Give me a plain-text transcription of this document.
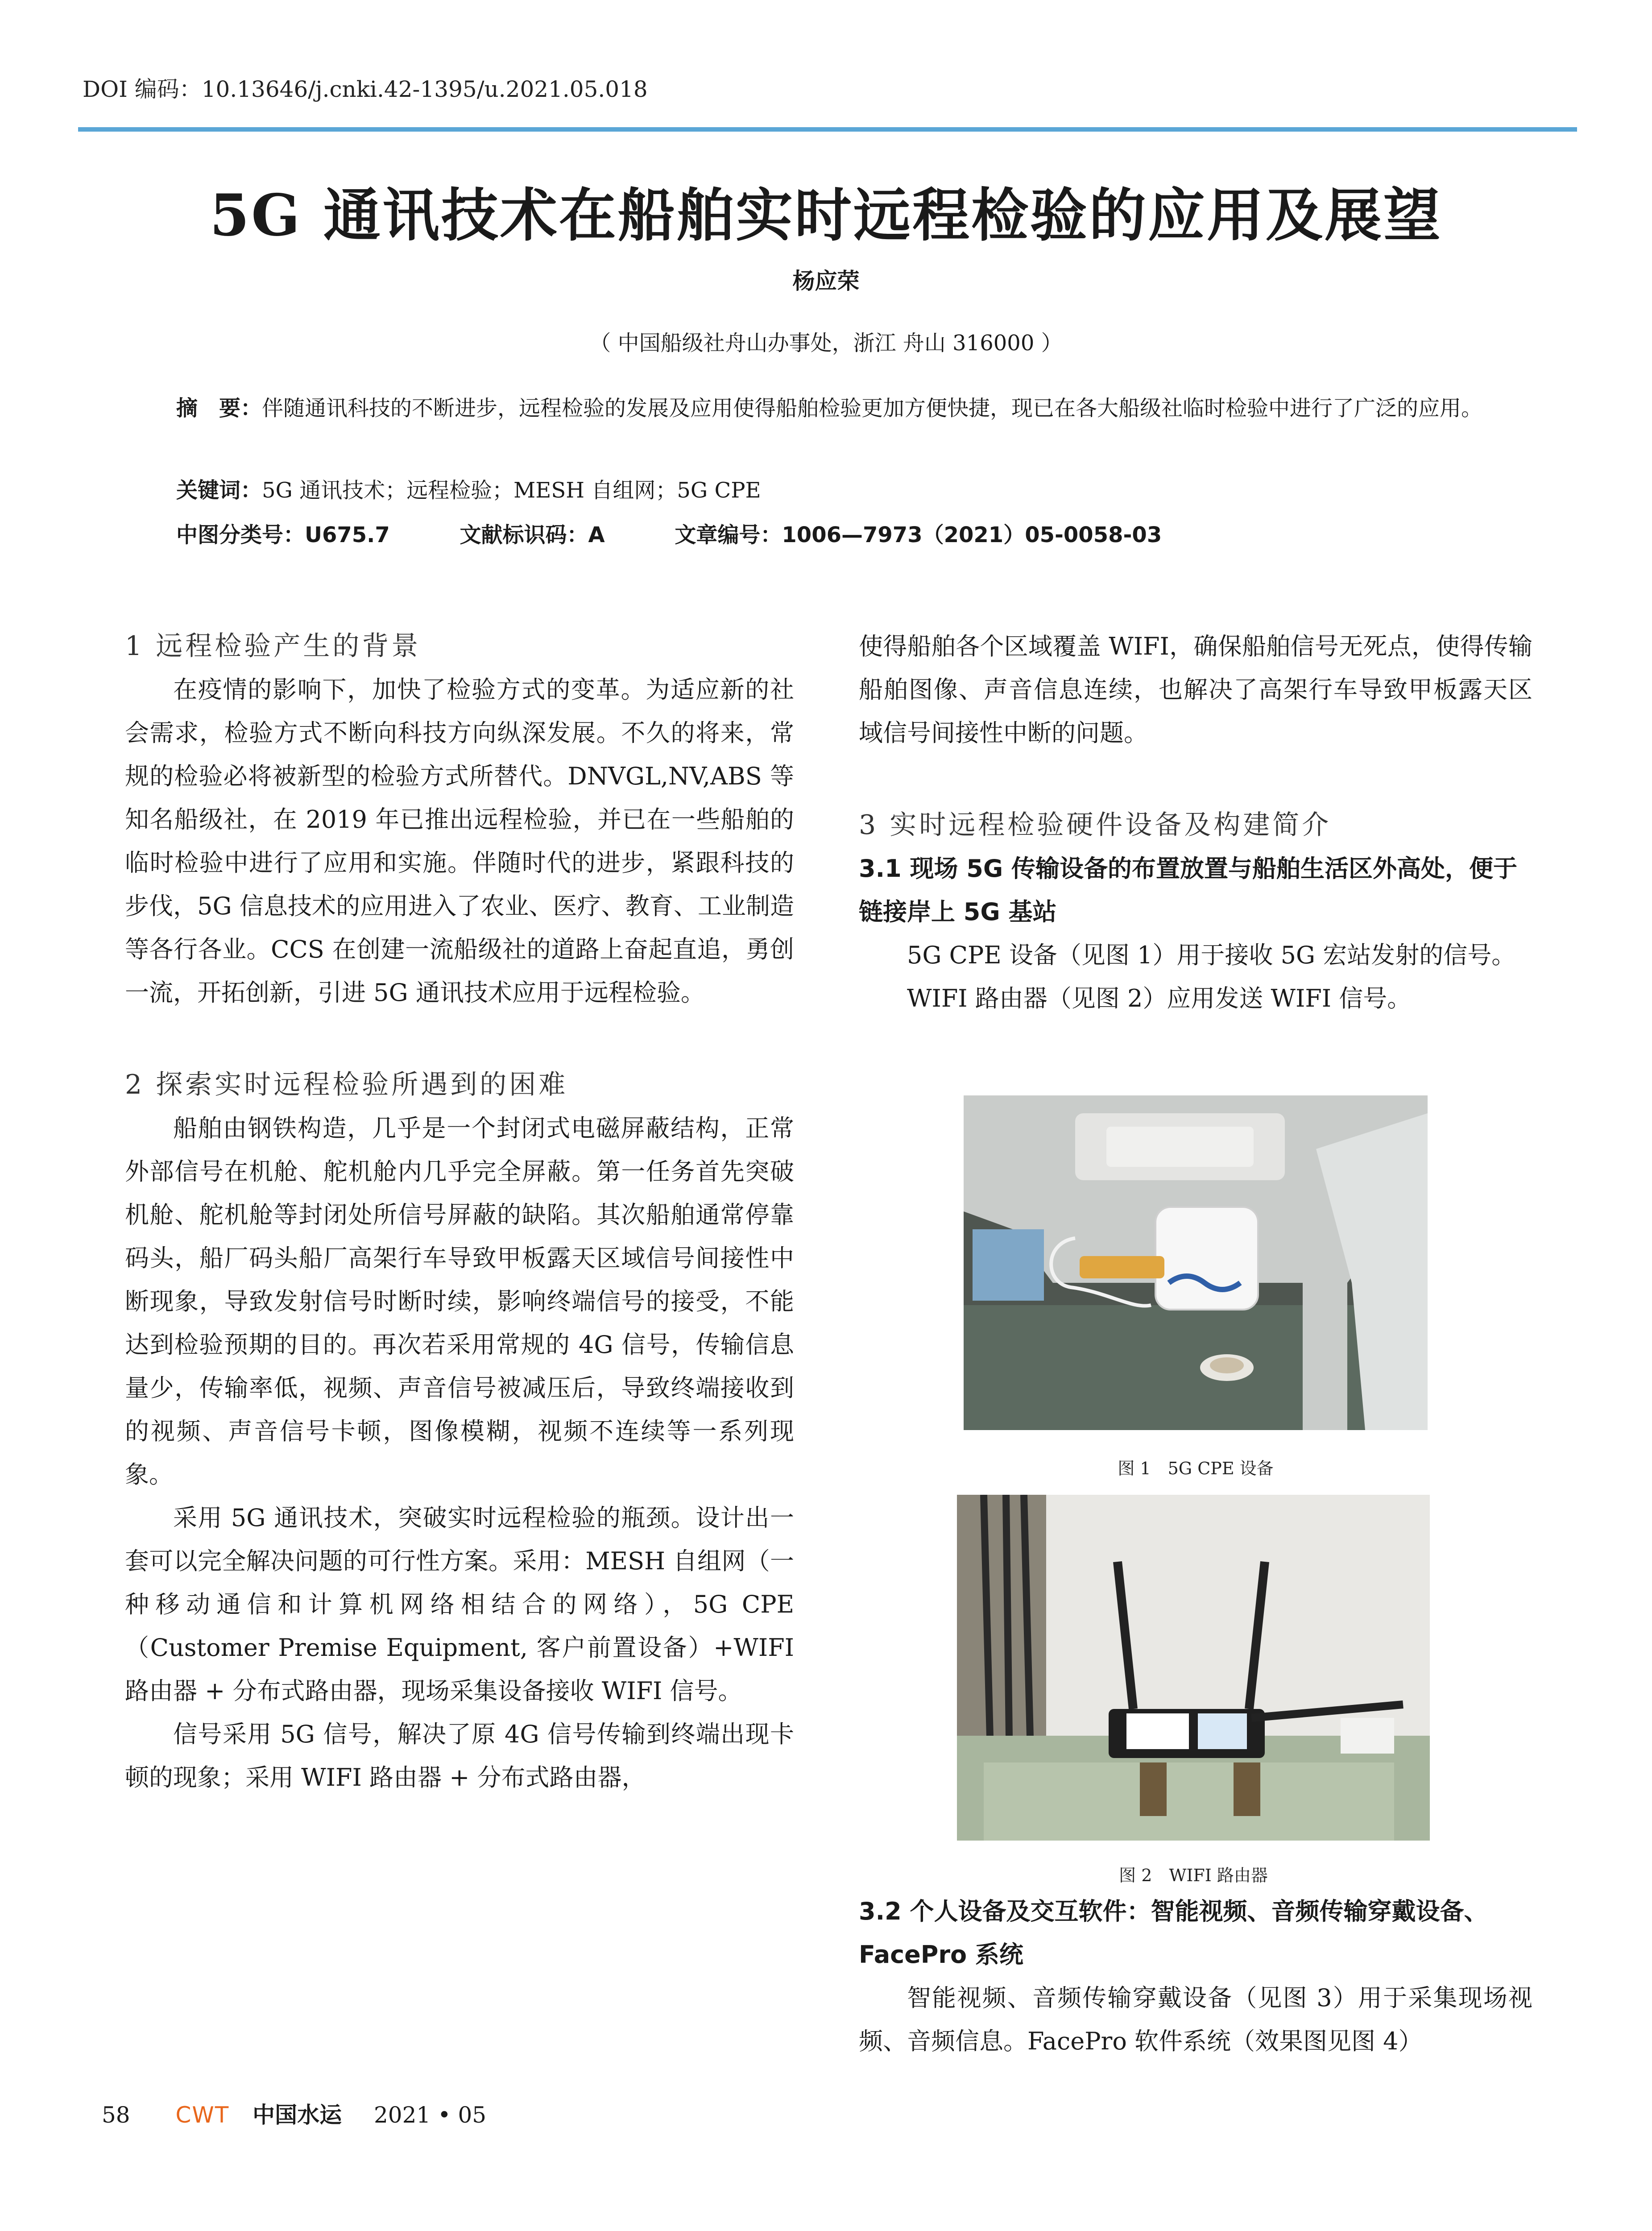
DOI 编码：10.13646/j.cnki.42-1395/u.2021.05.018
5G 通讯技术在船舶实时远程检验的应用及展望
杨应荣
（ 中国船级社舟山办事处，浙江 舟山 316000 ）
摘　要：伴随通讯科技的不断进步，远程检验的发展及应用使得船舶检验更加方便快捷，现已在各大船级社临时检验中进行了广泛的应用。
关键词：5G 通讯技术；远程检验；MESH 自组网；5G CPE
中图分类号：U675.7	文献标识码：A	文章编号：1006—7973（2021）05-0058-03
1 远程检验产生的背景

在疫情的影响下，加快了检验方式的变革。为适应新的社会需求，检验方式不断向科技方向纵深发展。不久的将来，常规的检验必将被新型的检验方式所替代。DNVGL,NV,ABS 等知名船级社，在 2019 年已推出远程检验，并已在一些船舶的临时检验中进行了应用和实施。伴随时代的进步，紧跟科技的步伐，5G 信息技术的应用进入了农业、医疗、教育、工业制造等各行各业。CCS 在创建一流船级社的道路上奋起直追，勇创一流，开拓创新，引进 5G 通讯技术应用于远程检验。

2 探索实时远程检验所遇到的困难

船舶由钢铁构造，几乎是一个封闭式电磁屏蔽结构，正常外部信号在机舱、舵机舱内几乎完全屏蔽。第一任务首先突破机舱、舵机舱等封闭处所信号屏蔽的缺陷。其次船舶通常停靠码头，船厂码头船厂高架行车导致甲板露天区域信号间接性中断现象，导致发射信号时断时续，影响终端信号的接受，不能达到检验预期的目的。再次若采用常规的 4G 信号，传输信息量少，传输率低，视频、声音信号被减压后，导致终端接收到的视频、声音信号卡顿，图像模糊，视频不连续等一系列现象。

采用 5G 通讯技术，突破实时远程检验的瓶颈。设计出一套可以完全解决问题的可行性方案。采用：MESH 自组网（一种移动通信和计算机网络相结合的网络），5G CPE（Customer Premise Equipment, 客户前置设备）+WIFI 路由器 + 分布式路由器，现场采集设备接收 WIFI 信号。

信号采用 5G 信号，解决了原 4G 信号传输到终端出现卡顿的现象；采用 WIFI 路由器 + 分布式路由器，

使得船舶各个区域覆盖 WIFI，确保船舶信号无死点，使得传输船舶图像、声音信息连续，也解决了高架行车导致甲板露天区域信号间接性中断的问题。

3 实时远程检验硬件设备及构建简介
3.1 现场 5G 传输设备的布置放置与船舶生活区外高处，便于链接岸上 5G 基站

5G CPE 设备（见图 1）用于接收 5G 宏站发射的信号。

WIFI 路由器（见图 2）应用发送 WIFI 信号。

图 1　5G CPE 设备
图 2　WIFI 路由器
3.2 个人设备及交互软件：智能视频、音频传输穿戴设备、FacePro 系统

智能视频、音频传输穿戴设备（见图 3）用于采集现场视频、音频信息。FacePro 软件系统（效果图见图 4）

58 CWT 中国水运 2021 • 05
